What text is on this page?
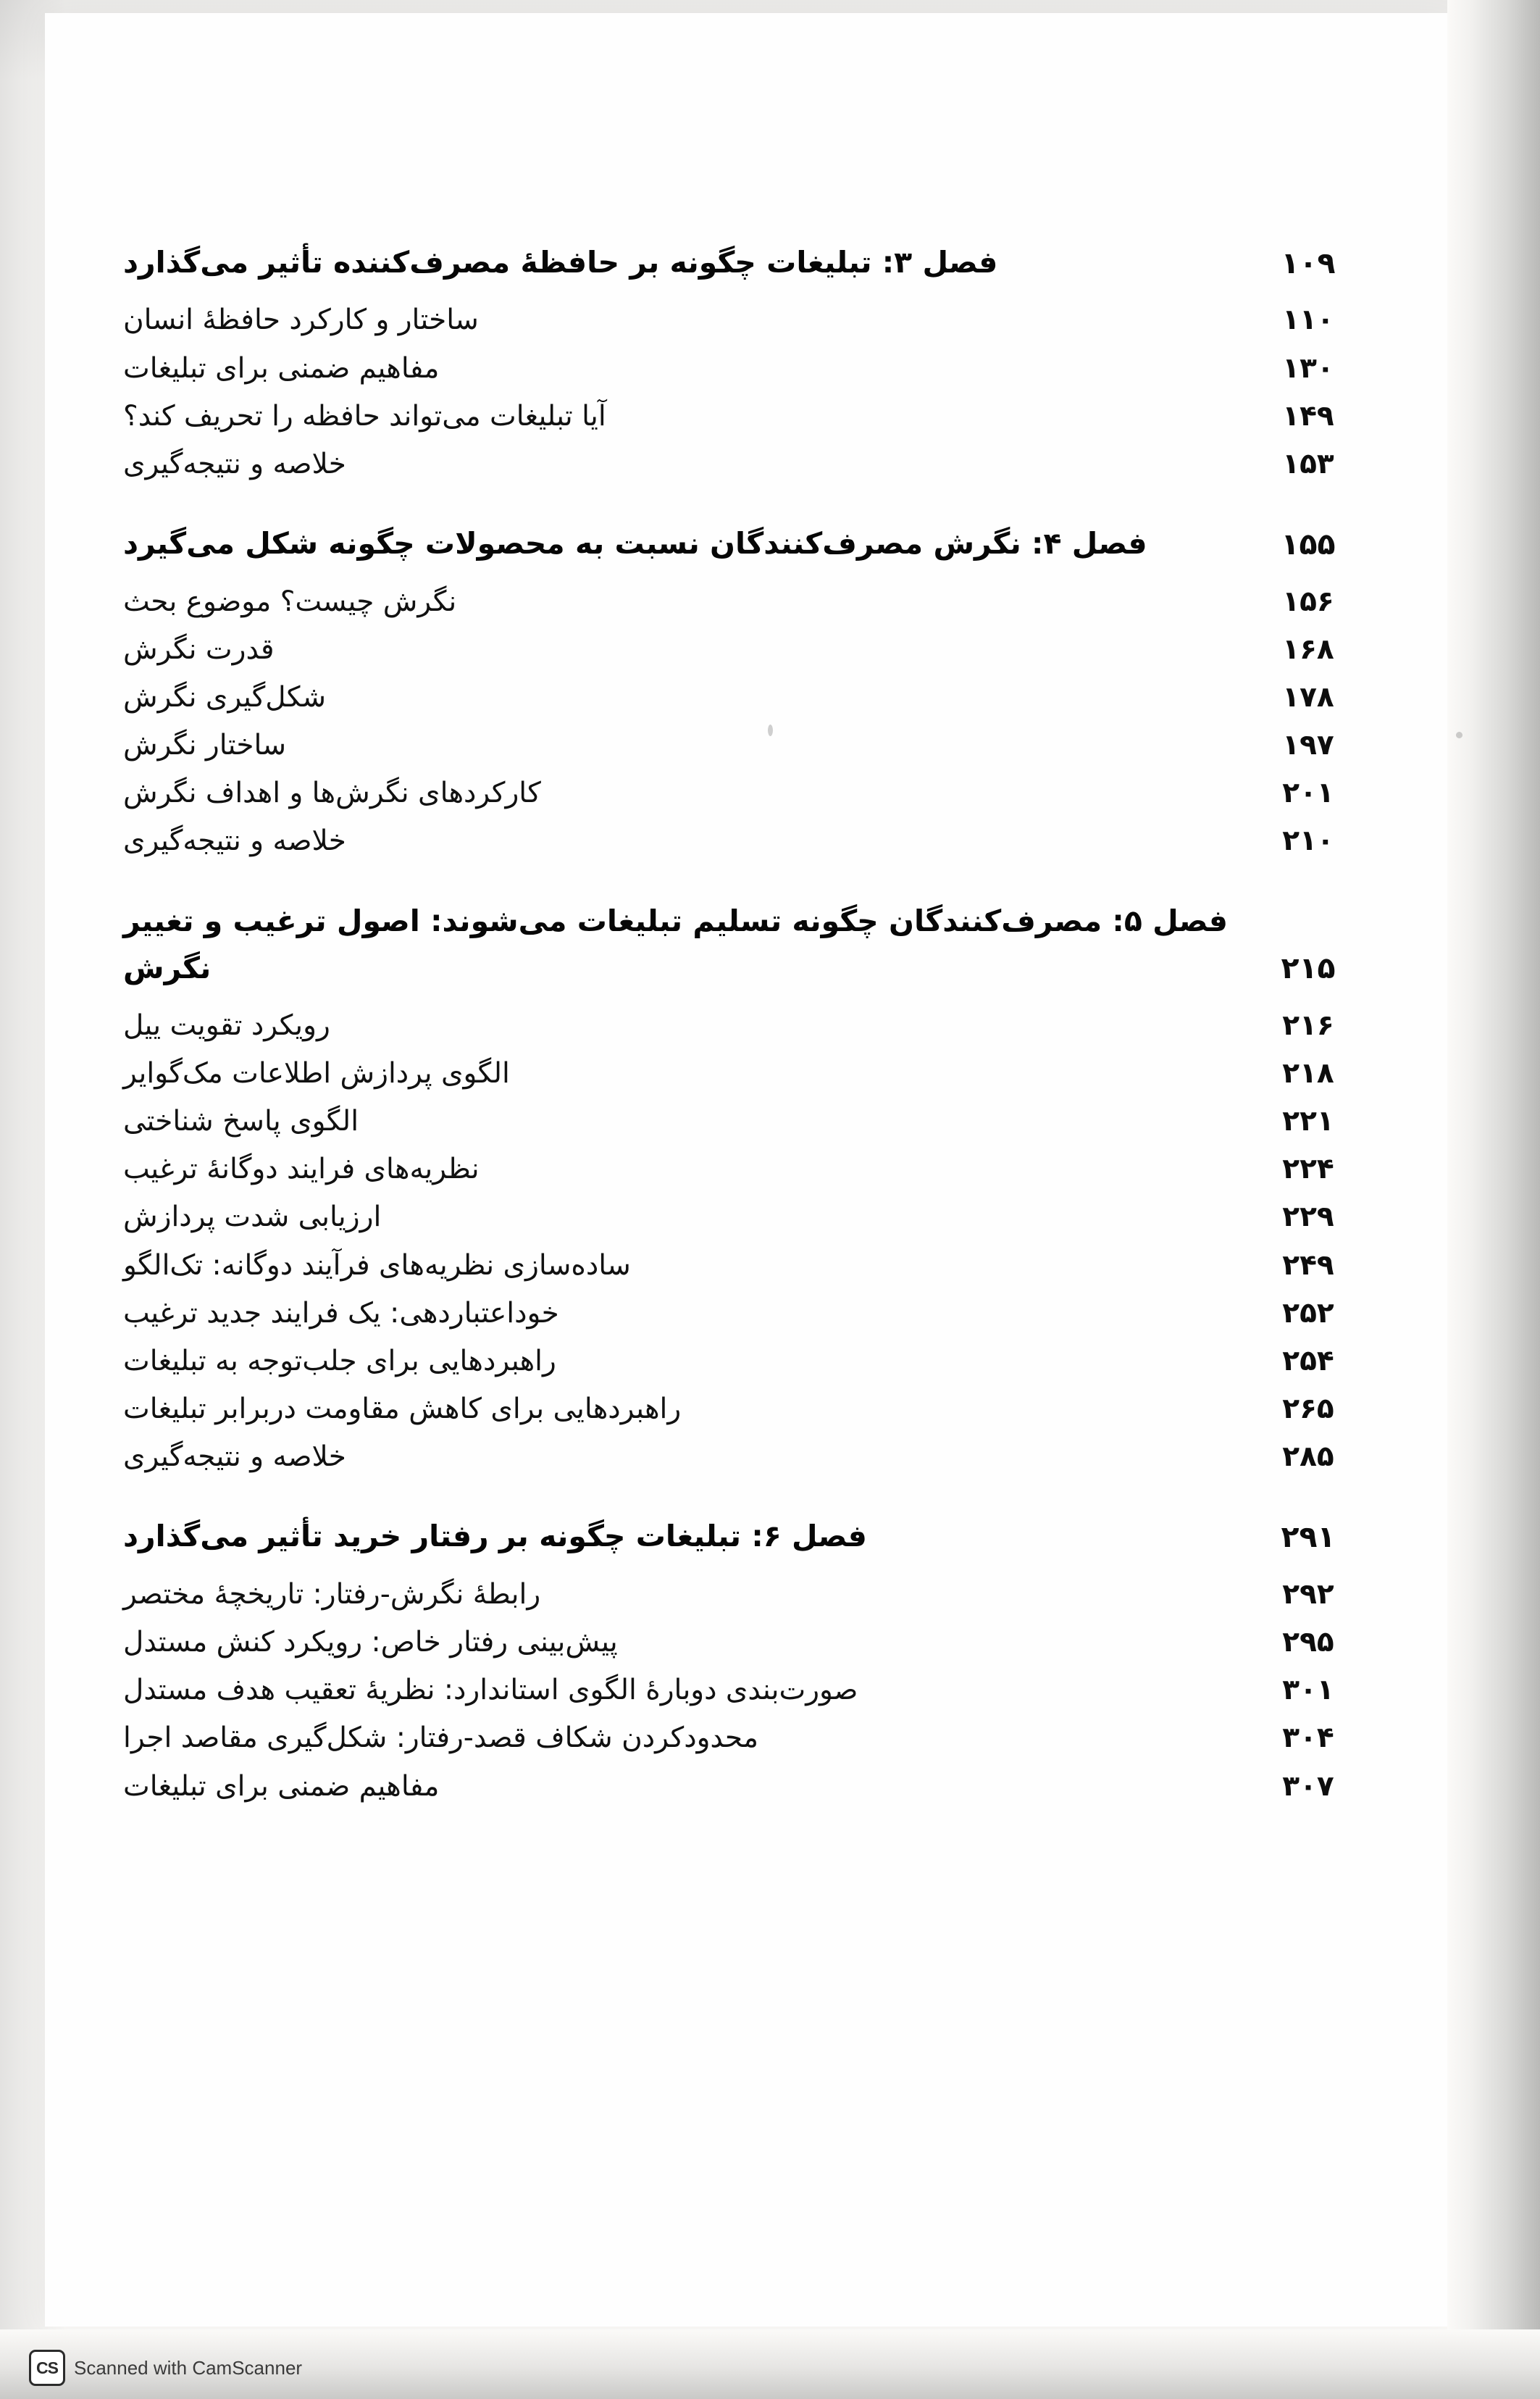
۱۰۹
فصل ۳: تبلیغات چگونه بر حافظهٔ مصرف‌کننده تأثیر می‌گذارد
۱۱۰
ساختار و کارکرد حافظهٔ انسان
۱۳۰
مفاهیم ضمنی برای تبلیغات
۱۴۹
آیا تبلیغات می‌تواند حافظه را تحریف کند؟
۱۵۳
خلاصه و نتیجه‌گیری
۱۵۵
فصل ۴: نگرش مصرف‌کنندگان نسبت به محصولات چگونه شکل می‌گیرد
۱۵۶
نگرش چیست؟ موضوع بحث
۱۶۸
قدرت نگرش
۱۷۸
شکل‌گیری نگرش
۱۹۷
ساختار نگرش
۲۰۱
کارکردهای نگرش‌ها و اهداف نگرش
۲۱۰
خلاصه و نتیجه‌گیری
۲۱۵
فصل ۵: مصرف‌کنندگان چگونه تسلیم تبلیغات می‌شوند: اصول ترغیب و تغییر نگرش
۲۱۶
رویکرد تقویت ییل
۲۱۸
الگوی پردازش اطلاعات مک‌گوایر
۲۲۱
الگوی پاسخ شناختی
۲۲۴
نظریه‌های فرایند دوگانهٔ ترغیب
۲۲۹
ارزیابی شدت پردازش
۲۴۹
ساده‌سازی نظریه‌های فرآیند دوگانه: تک‌الگو
۲۵۲
خوداعتباردهی: یک فرایند جدید ترغیب
۲۵۴
راهبردهایی برای جلب‌توجه به تبلیغات
۲۶۵
راهبردهایی برای کاهش مقاومت دربرابر تبلیغات
۲۸۵
خلاصه و نتیجه‌گیری
۲۹۱
فصل ۶: تبلیغات چگونه بر رفتار خرید تأثیر می‌گذارد
۲۹۲
رابطهٔ نگرش-رفتار: تاریخچهٔ مختصر
۲۹۵
پیش‌بینی رفتار خاص: رویکرد کنش مستدل
۳۰۱
صورت‌بندی دوبارهٔ الگوی استاندارد: نظریهٔ تعقیب هدف مستدل
۳۰۴
محدودکردن شکاف قصد-رفتار: شکل‌گیری مقاصد اجرا
۳۰۷
مفاهیم ضمنی برای تبلیغات
CS Scanned with CamScanner
